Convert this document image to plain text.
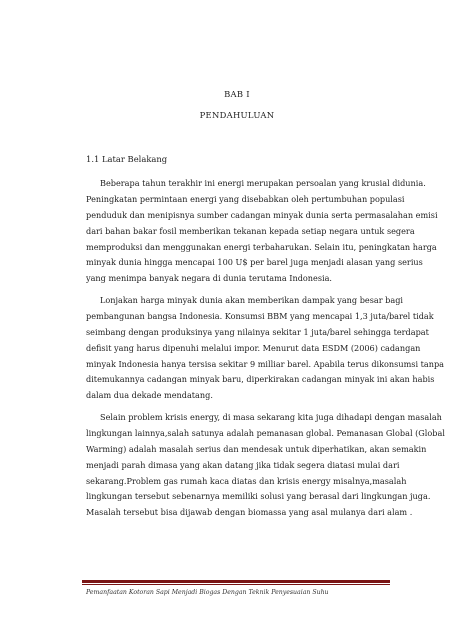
BAB I
PENDAHULUAN
1.1 Latar Belakang
Beberapa tahun terakhir ini energi merupakan persoalan yang krusial didunia.
Peningkatan permintaan energi yang disebabkan oleh pertumbuhan populasi
penduduk dan menipisnya sumber cadangan minyak dunia serta permasalahan emisi
dari bahan bakar fosil memberikan tekanan kepada setiap negara untuk segera
memproduksi dan menggunakan energi terbaharukan. Selain itu, peningkatan harga
minyak dunia hingga mencapai 100 U$ per barel juga menjadi alasan yang serius
yang menimpa banyak negara di dunia terutama Indonesia.
Lonjakan harga minyak dunia akan memberikan dampak yang besar bagi
pembangunan bangsa Indonesia. Konsumsi BBM yang mencapai 1,3 juta/barel tidak
seimbang dengan produksinya yang nilainya sekitar 1 juta/barel sehingga terdapat
defisit yang harus dipenuhi melalui impor. Menurut data ESDM (2006) cadangan
minyak Indonesia hanya tersisa sekitar 9 milliar barel. Apabila terus dikonsumsi tanpa
ditemukannya cadangan minyak baru, diperkirakan cadangan minyak ini akan habis
dalam dua dekade mendatang.
Selain problem krisis energy, di masa sekarang kita juga dihadapi dengan masalah
lingkungan lainnya,salah satunya adalah pemanasan global. Pemanasan Global (Global
Warming) adalah masalah serius dan mendesak untuk diperhatikan, akan semakin
menjadi parah dimasa yang akan datang jika tidak segera diatasi mulai dari
sekarang.Problem gas rumah kaca diatas dan krisis energy misalnya,masalah
lingkungan tersebut sebenarnya memiliki solusi yang berasal dari lingkungan juga.
Masalah tersebut bisa dijawab dengan biomassa yang asal mulanya dari alam .
Pemanfaatan Kotoran Sapi Menjadi Biogas Dengan Teknik Penyesuaian Suhu
